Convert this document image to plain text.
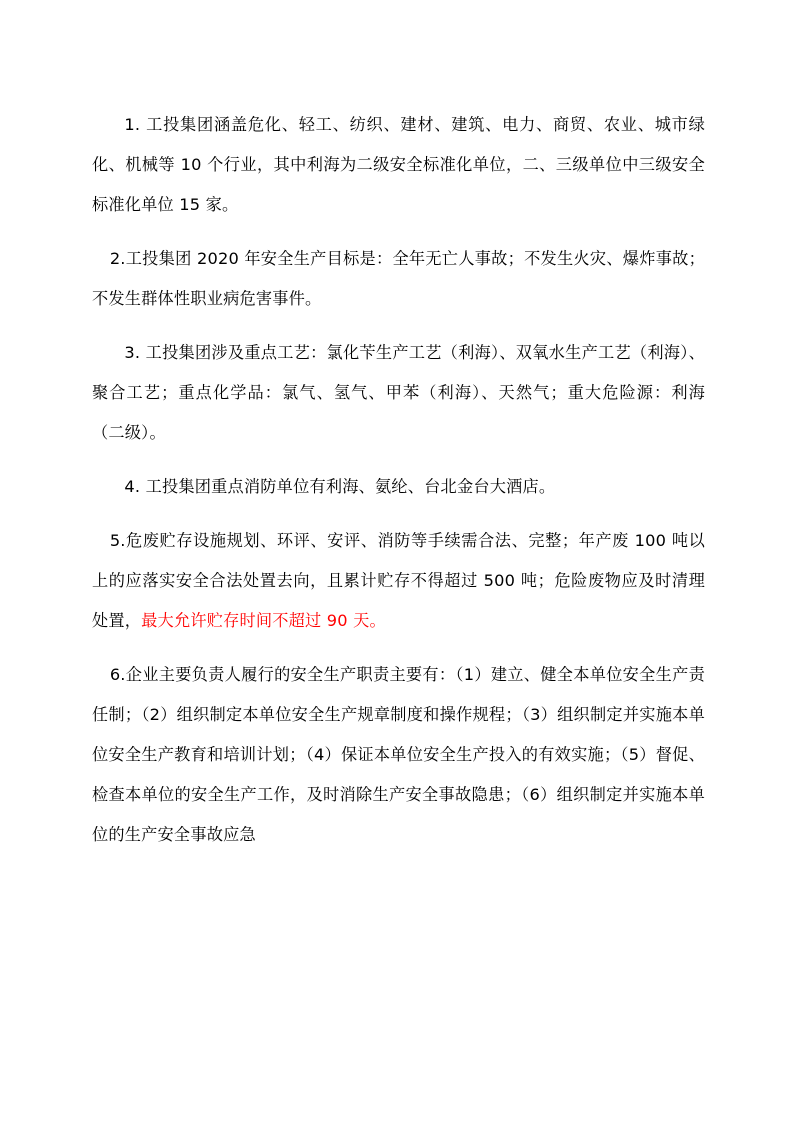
1. 工投集团涵盖危化、轻工、纺织、建材、建筑、电力、商贸、农业、城市绿化、机械等 10 个行业，其中利海为二级安全标准化单位，二、三级单位中三级安全标准化单位 15 家。

2.工投集团 2020 年安全生产目标是：全年无亡人事故；不发生火灾、爆炸事故；不发生群体性职业病危害事件。

3. 工投集团涉及重点工艺：氯化苄生产工艺（利海）、双氧水生产工艺（利海）、聚合工艺；重点化学品：氯气、氢气、甲苯（利海）、天然气；重大危险源：利海（二级）。

4. 工投集团重点消防单位有利海、氨纶、台北金台大酒店。

5.危废贮存设施规划、环评、安评、消防等手续需合法、完整；年产废 100 吨以上的应落实安全合法处置去向，且累计贮存不得超过 500 吨；危险废物应及时清理处置，最大允许贮存时间不超过 90 天。

6.企业主要负责人履行的安全生产职责主要有：（1）建立、健全本单位安全生产责任制；（2）组织制定本单位安全生产规章制度和操作规程；（3）组织制定并实施本单位安全生产教育和培训计划；（4）保证本单位安全生产投入的有效实施；（5）督促、检查本单位的安全生产工作，及时消除生产安全事故隐患；（6）组织制定并实施本单位的生产安全事故应急
